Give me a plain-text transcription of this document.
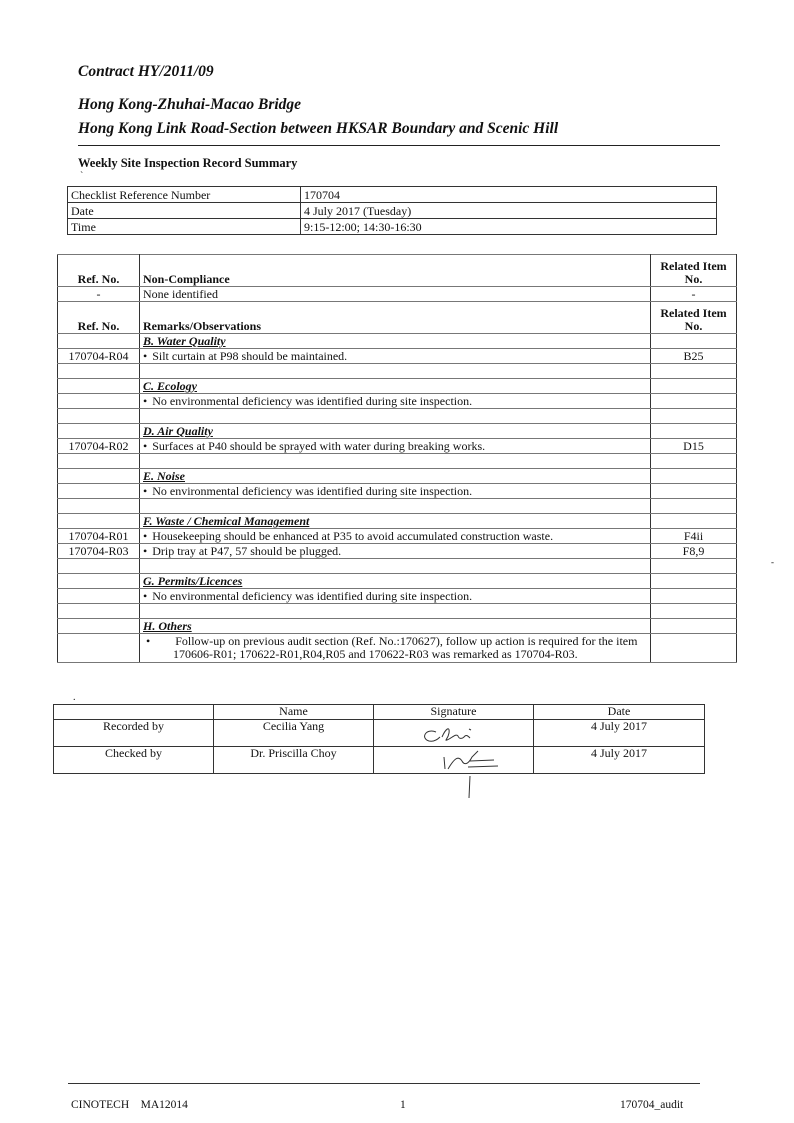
Contract HY/2011/09
Hong Kong-Zhuhai-Macao Bridge
Hong Kong Link Road-Section between HKSAR Boundary and Scenic Hill
Weekly Site Inspection Record Summary
`
Checklist Reference Number	170704
Date	4 July 2017 (Tuesday)
Time	9:15-12:00; 14:30-16:30
Ref. No.	Non-Compliance	Related Item No.
-	None identified	-
Ref. No.	Remarks/Observations	Related Item No.
	B. Water Quality	
170704-R04	• Silt curtain at P98 should be maintained.	B25

	C. Ecology	
	• No environmental deficiency was identified during site inspection.	

	D. Air Quality	
170704-R02	• Surfaces at P40 should be sprayed with water during breaking works.	D15

	E. Noise	
	• No environmental deficiency was identified during site inspection.	

	F. Waste / Chemical Management	
170704-R01	• Housekeeping should be enhanced at P35 to avoid accumulated construction waste.	F4ii
170704-R03	• Drip tray at P47, 57 should be plugged.	F8,9

	G. Permits/Licences	
	• No environmental deficiency was identified during site inspection.	

	H. Others	

• Follow-up on previous audit section (Ref. No.:170627), follow up action is required for the item 170606-R01; 170622-R01,R04,R05 and 170622-R03 was remarked as 170704-R03.

.
	Name	Signature	Date
Recorded by	Cecilia Yang		4 July 2017
Checked by	Dr. Priscilla Choy		4 July 2017
-
CINOTECH    MA12014	1	170704_audit
